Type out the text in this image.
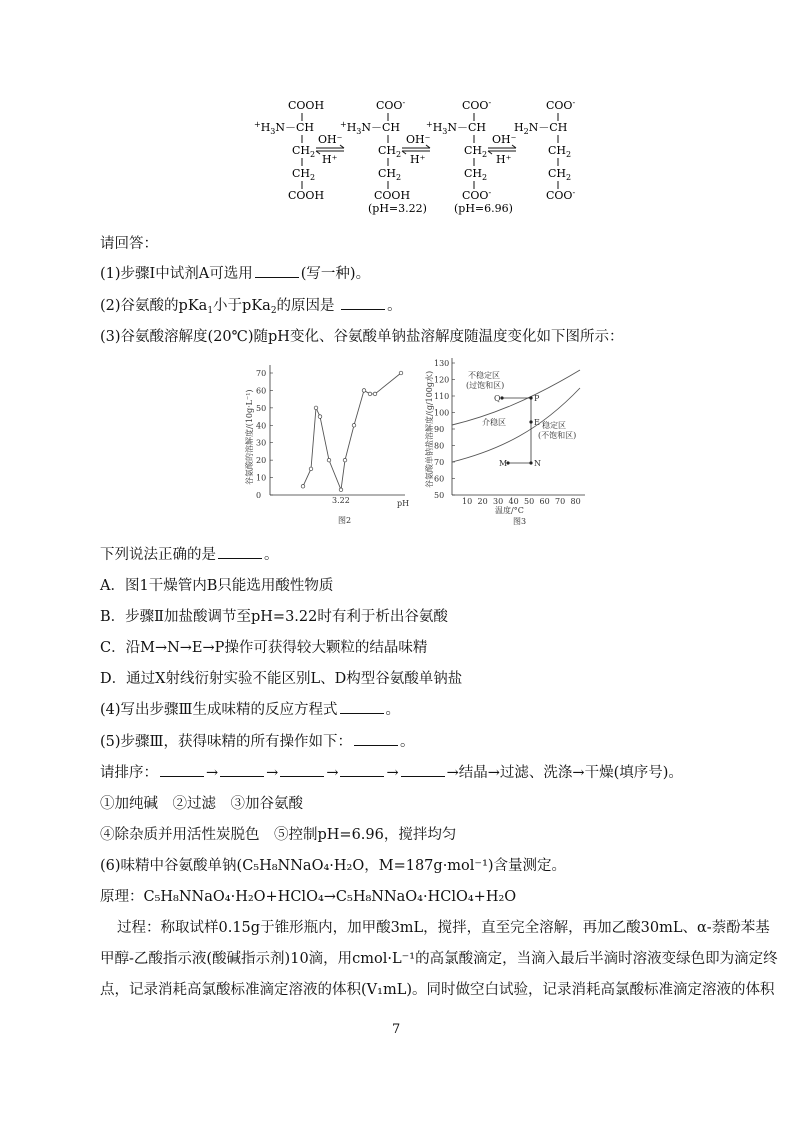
COOH
$^+H_3N-CH$
$CH_2$
$CH_2$
COOH
OH⁻
H⁺
COO-
$^+H_3N-CH$
$CH_2$
$CH_2$
COOH
(pH=3.22)
OH⁻
H⁺
COO-
$^+H_3N-CH$
$CH_2$
$CH_2$
COO-
(pH=6.96)
OH⁻
H⁺
COO-
$H_2N-CH$
$CH_2$
$CH_2$
COO-
请回答：
(1)步骤Ⅰ中试剂A可选用	(写一种)。
(2)谷氨酸的pKa$_1$小于pKa$_2$的原因是	。
(3)谷氨酸溶解度(20℃)随pH变化、谷氨酸单钠盐溶解度随温度变化如下图所示：
0
10
20
30
40
50
60
70
谷氨酸的溶解度/(10g·L⁻¹)
pH
3.22
图2
50
60
70
80
90
100
110
120
130
10 20 30 40 50 60 70 80
谷氨酸单钠盐溶解度/(g/100g水)
温度/°C
图3
不稳定区
(过饱和区)
介稳区	稳定区
(不饱和区)
Q	P
E
M	N
下列说法正确的是	。
A．图1干燥管内B只能选用酸性物质
B．步骤Ⅱ加盐酸调节至pH=3.22时有利于析出谷氨酸
C．沿M→N→E→P操作可获得较大颗粒的结晶味精
D．通过X射线衍射实验不能区别L、D构型谷氨酸单钠盐
(4)写出步骤Ⅲ生成味精的反应方程式	。
(5)步骤Ⅲ，获得味精的所有操作如下：	。
请排序：	→	→	→	→	→结晶→过滤、洗涤→干燥(填序号)。
①加纯碱　②过滤　③加谷氨酸
④除杂质并用活性炭脱色　⑤控制pH=6.96，搅拌均匀
(6)味精中谷氨酸单钠(C₅H₈NNaO₄·H₂O，M=187g·mol⁻¹)含量测定。
原理：C₅H₈NNaO₄·H₂O+HClO₄→C₅H₈NNaO₄·HClO₄+H₂O
过程：称取试样0.15g于锥形瓶内，加甲酸3mL，搅拌，直至完全溶解，再加乙酸30mL、α-萘酚苯基
甲醇-乙酸指示液(酸碱指示剂)10滴，用cmol·L⁻¹的高氯酸滴定，当滴入最后半滴时溶液变绿色即为滴定终
点，记录消耗高氯酸标准滴定溶液的体积(V₁mL)。同时做空白试验，记录消耗高氯酸标准滴定溶液的体积
7
